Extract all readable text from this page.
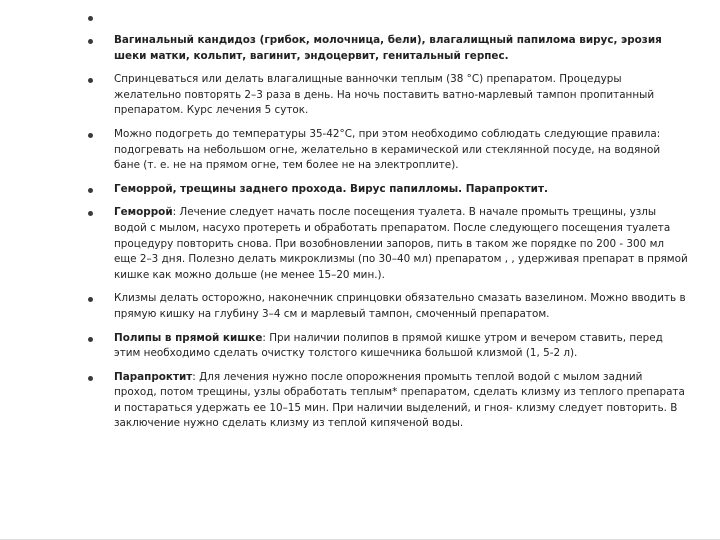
Вагинальный кандидоз (грибок, молочница, бели), влагалищный папилома вирус, эрозия шеки матки, кольпит, вагинит, эндоцервит, генитальный герпес.
Спринцеваться или делать влагалищные ванночки теплым (38 °С) препаратом. Процедуры желательно повторять 2–3 раза в день. На ночь поставить ватно-марлевый тампон пропитанный препаратом. Курс лечения 5 суток.
Можно подогреть до температуры 35-42°С, при этом необходимо соблюдать следующие правила: подогревать на небольшом огне, желательно в керамической или стеклянной посуде, на водяной бане (т. е. не на прямом огне, тем более не на электроплите).
Геморрой, трещины заднего прохода. Вирус папилломы. Парапроктит.
Геморрой: Лечение следует начать после посещения туалета. В начале промыть трещины, узлы водой с мылом, насухо протереть и обработать препаратом. После следующего посещения туалета процедуру повторить снова. При возобновлении запоров, пить в таком же порядке по 200 - 300 мл еще 2–3 дня. Полезно делать микроклизмы (по 30–40 мл) препаратом , , удерживая препарат в прямой кишке как можно дольше (не менее 15–20 мин.).
Клизмы делать осторожно, наконечник спринцовки обязательно смазать вазелином. Можно вводить в прямую кишку на глубину 3–4 см и марлевый тампон, смоченный препаратом.
Полипы в прямой кишке: При наличии полипов в прямой кишке утром и вечером ставить, перед этим необходимо сделать очистку толстого кишечника большой клизмой (1, 5-2 л).
Парапроктит: Для лечения нужно после опорожнения промыть теплой водой с мылом задний проход, потом трещины, узлы обработать теплым* препаратом, сделать клизму из теплого препарата и постараться удержать ее 10–15 мин. При наличии выделений, и гноя- клизму следует повторить. В заключение нужно сделать клизму из теплой кипяченой воды.
